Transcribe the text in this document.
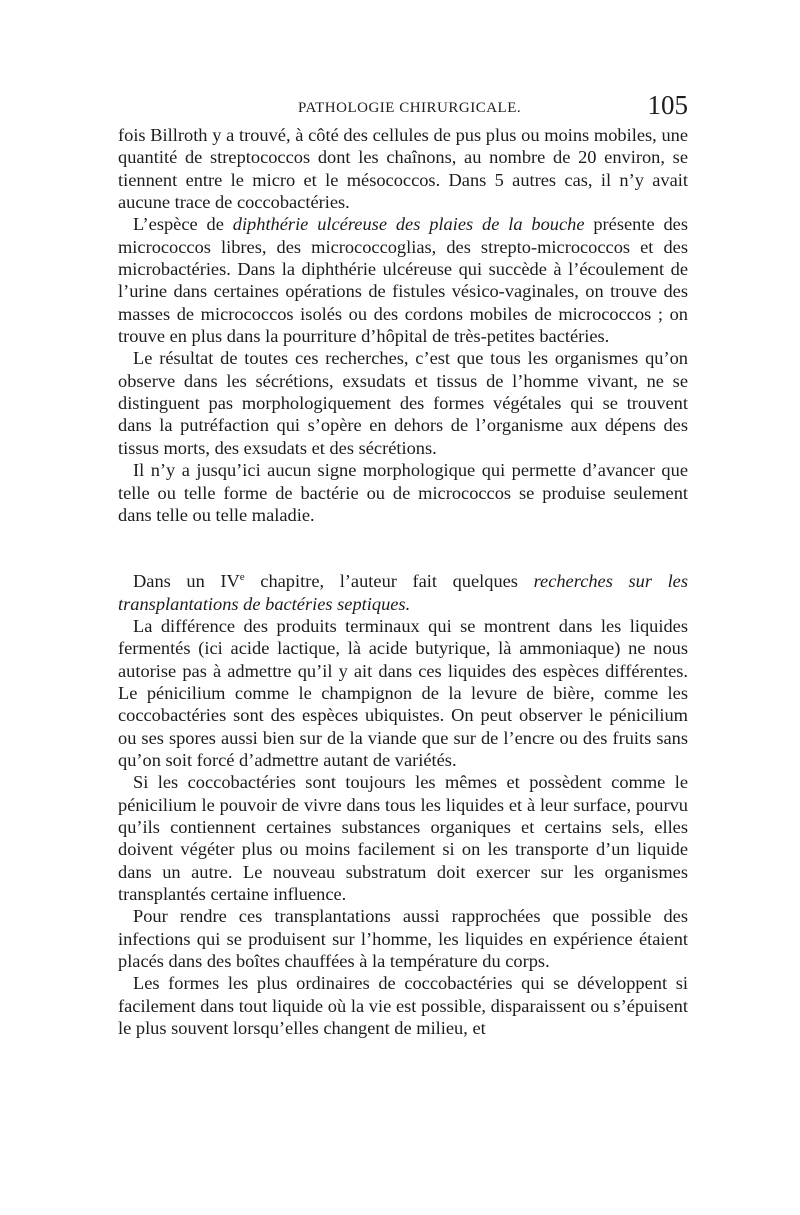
PATHOLOGIE CHIRURGICALE.	105

fois Billroth y a trouvé, à côté des cellules de pus plus ou moins mobiles, une quantité de streptococcos dont les chaînons, au nombre de 20 environ, se tiennent entre le micro et le mésococcos. Dans 5 autres cas, il n’y avait aucune trace de coccobactéries.

L’espèce de diphthérie ulcéreuse des plaies de la bouche présente des micrococcos libres, des micrococcoglias, des strepto-micrococcos et des microbactéries. Dans la diphthérie ulcéreuse qui succède à l’écoulement de l’urine dans certaines opérations de fistules vésico-vaginales, on trouve des masses de micrococcos isolés ou des cordons mobiles de micrococcos ; on trouve en plus dans la pourriture d’hôpital de très-petites bactéries.

Le résultat de toutes ces recherches, c’est que tous les organismes qu’on observe dans les sécrétions, exsudats et tissus de l’homme vivant, ne se distinguent pas morphologiquement des formes végétales qui se trouvent dans la putréfaction qui s’opère en dehors de l’organisme aux dépens des tissus morts, des exsudats et des sécrétions.

Il n’y a jusqu’ici aucun signe morphologique qui permette d’avancer que telle ou telle forme de bactérie ou de micrococcos se produise seulement dans telle ou telle maladie.

Dans un IVe chapitre, l’auteur fait quelques recherches sur les transplantations de bactéries septiques.

La différence des produits terminaux qui se montrent dans les liquides fermentés (ici acide lactique, là acide butyrique, là ammoniaque) ne nous autorise pas à admettre qu’il y ait dans ces liquides des espèces différentes. Le pénicilium comme le champignon de la levure de bière, comme les coccobactéries sont des espèces ubiquistes. On peut observer le pénicilium ou ses spores aussi bien sur de la viande que sur de l’encre ou des fruits sans qu’on soit forcé d’admettre autant de variétés.

Si les coccobactéries sont toujours les mêmes et possèdent comme le pénicilium le pouvoir de vivre dans tous les liquides et à leur surface, pourvu qu’ils contiennent certaines substances organiques et certains sels, elles doivent végéter plus ou moins facilement si on les transporte d’un liquide dans un autre. Le nouveau substratum doit exercer sur les organismes transplantés certaine influence.

Pour rendre ces transplantations aussi rapprochées que possible des infections qui se produisent sur l’homme, les liquides en expérience étaient placés dans des boîtes chauffées à la température du corps.

Les formes les plus ordinaires de coccobactéries qui se développent si facilement dans tout liquide où la vie est possible, disparaissent ou s’épuisent le plus souvent lorsqu’elles changent de milieu, et
